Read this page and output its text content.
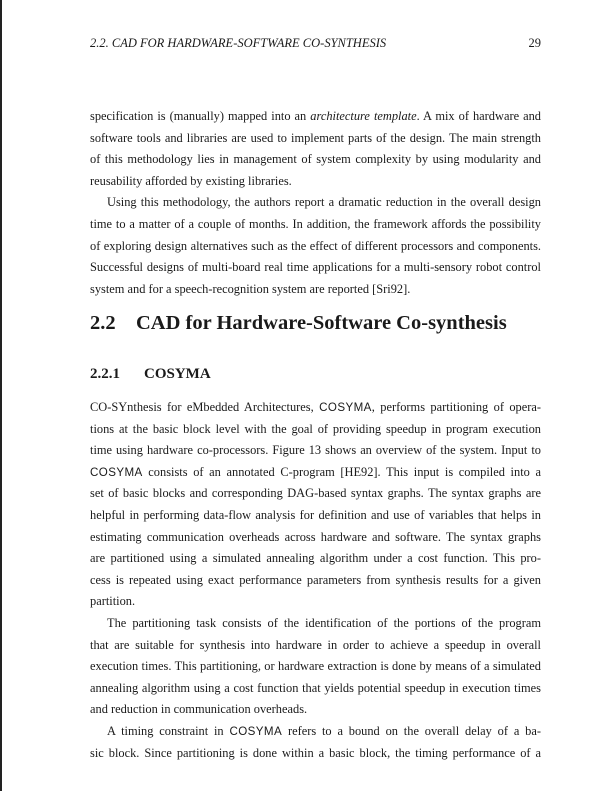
2.2. CAD FOR HARDWARE-SOFTWARE CO-SYNTHESIS	29
specification is (manually) mapped into an architecture template. A mix of hardware and
software tools and libraries are used to implement parts of the design. The main strength
of this methodology lies in management of system complexity by using modularity and
reusability afforded by existing libraries.
Using this methodology, the authors report a dramatic reduction in the overall design
time to a matter of a couple of months. In addition, the framework affords the possibility
of exploring design alternatives such as the effect of different processors and components.
Successful designs of multi-board real time applications for a multi-sensory robot control
system and for a speech-recognition system are reported [Sri92].
2.2 CAD for Hardware-Software Co-synthesis
2.2.1 COSYMA
CO-SYnthesis for eMbedded Architectures, COSYMA, performs partitioning of opera-
tions at the basic block level with the goal of providing speedup in program execution
time using hardware co-processors. Figure 13 shows an overview of the system. Input to
COSYMA consists of an annotated C-program [HE92]. This input is compiled into a
set of basic blocks and corresponding DAG-based syntax graphs. The syntax graphs are
helpful in performing data-flow analysis for definition and use of variables that helps in
estimating communication overheads across hardware and software. The syntax graphs
are partitioned using a simulated annealing algorithm under a cost function. This pro-
cess is repeated using exact performance parameters from synthesis results for a given
partition.
The partitioning task consists of the identification of the portions of the program
that are suitable for synthesis into hardware in order to achieve a speedup in overall
execution times. This partitioning, or hardware extraction is done by means of a simulated
annealing algorithm using a cost function that yields potential speedup in execution times
and reduction in communication overheads.
A timing constraint in COSYMA refers to a bound on the overall delay of a ba-
sic block. Since partitioning is done within a basic block, the timing performance of a
